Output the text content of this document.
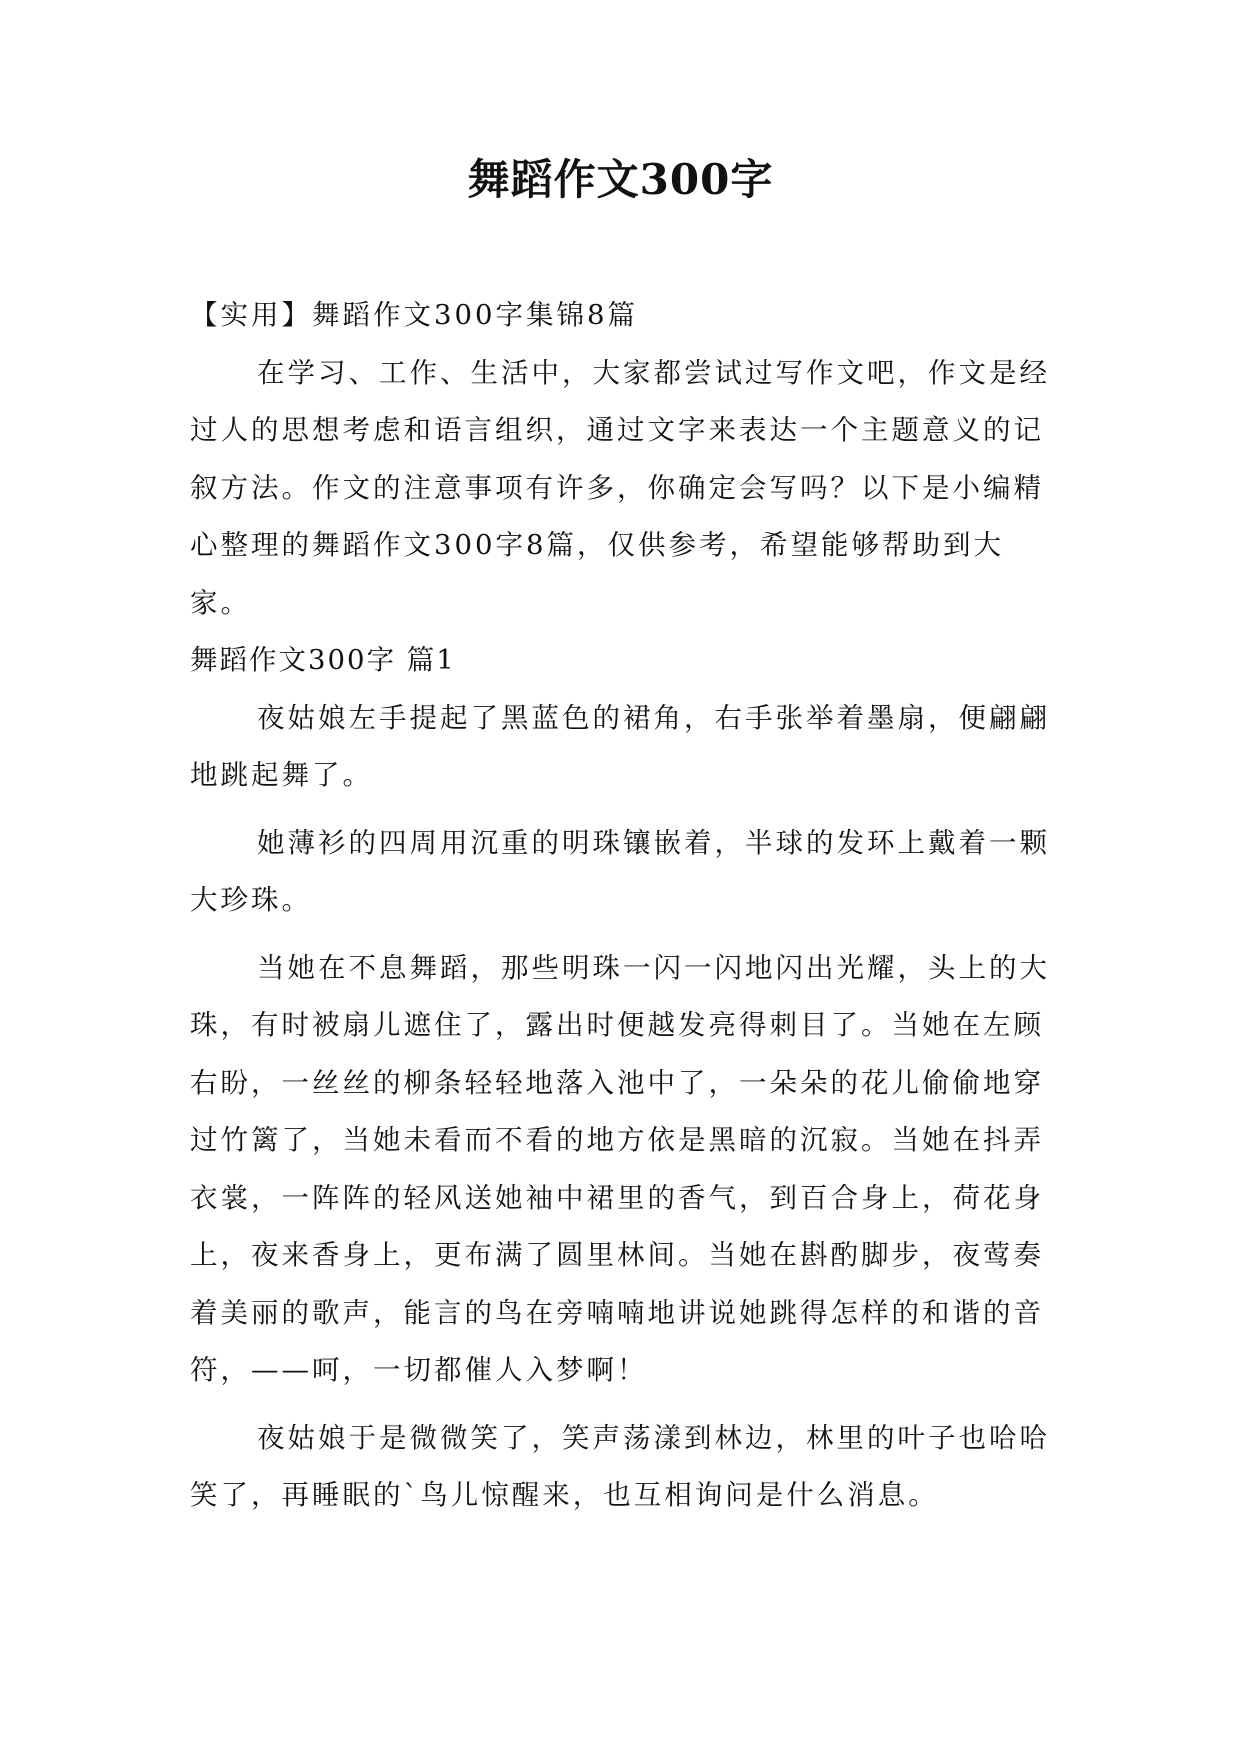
舞蹈作文300字

【实用】舞蹈作文300字集锦8篇

在学习、工作、生活中，大家都尝试过写作文吧，作文是经过人的思想考虑和语言组织，通过文字来表达一个主题意义的记叙方法。作文的注意事项有许多，你确定会写吗？以下是小编精心整理的舞蹈作文300字8篇，仅供参考，希望能够帮助到大家。

舞蹈作文300字 篇1

夜姑娘左手提起了黑蓝色的裙角，右手张举着墨扇，便翩翩地跳起舞了。

她薄衫的四周用沉重的明珠镶嵌着，半球的发环上戴着一颗大珍珠。

当她在不息舞蹈，那些明珠一闪一闪地闪出光耀，头上的大珠，有时被扇儿遮住了，露出时便越发亮得刺目了。当她在左顾右盼，一丝丝的柳条轻轻地落入池中了，一朵朵的花儿偷偷地穿过竹篱了，当她未看而不看的地方依是黑暗的沉寂。当她在抖弄衣裳，一阵阵的轻风送她袖中裙里的香气，到百合身上，荷花身上，夜来香身上，更布满了圆里林间。当她在斟酌脚步，夜莺奏着美丽的歌声，能言的鸟在旁喃喃地讲说她跳得怎样的和谐的音符，——呵，一切都催人入梦啊！

夜姑娘于是微微笑了，笑声荡漾到林边，林里的叶子也哈哈笑了，再睡眠的`鸟儿惊醒来，也互相询问是什么消息。
